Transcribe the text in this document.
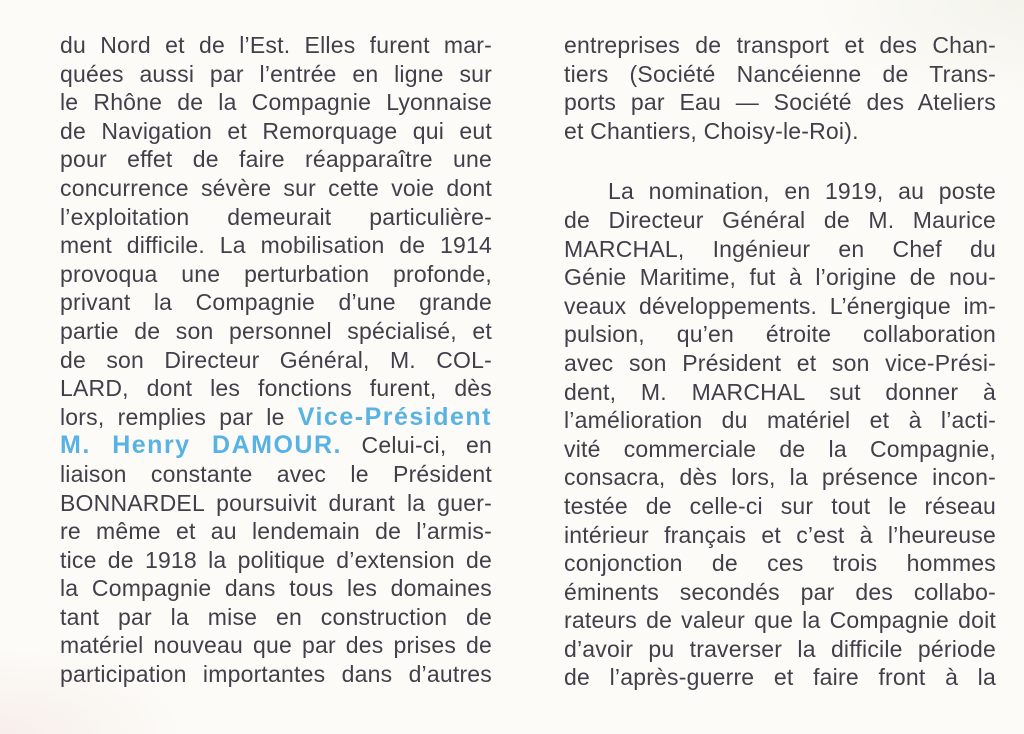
du Nord et de l’Est. Elles furent mar-
quées aussi par l’entrée en ligne sur
le Rhône de la Compagnie Lyonnaise
de Navigation et Remorquage qui eut
pour effet de faire réapparaître une
concurrence sévère sur cette voie dont
l’exploitation demeurait particulière-
ment difficile. La mobilisation de 1914
provoqua une perturbation profonde,
privant la Compagnie d’une grande
partie de son personnel spécialisé, et
de son Directeur Général, M. COL-
LARD, dont les fonctions furent, dès
lors, remplies par le Vice-Président
M. Henry DAMOUR. Celui-ci, en
liaison constante avec le Président
BONNARDEL poursuivit durant la guer-
re même et au lendemain de l’armis-
tice de 1918 la politique d’extension de
la Compagnie dans tous les domaines
tant par la mise en construction de
matériel nouveau que par des prises de
participation importantes dans d’autres
entreprises de transport et des Chan-
tiers (Société Nancéienne de Trans-
ports par Eau — Société des Ateliers
et Chantiers, Choisy-le-Roi).
La nomination, en 1919, au poste
de Directeur Général de M. Maurice
MARCHAL, Ingénieur en Chef du
Génie Maritime, fut à l’origine de nou-
veaux développements. L’énergique im-
pulsion, qu’en étroite collaboration
avec son Président et son vice-Prési-
dent, M. MARCHAL sut donner à
l’amélioration du matériel et à l’acti-
vité commerciale de la Compagnie,
consacra, dès lors, la présence incon-
testée de celle-ci sur tout le réseau
intérieur français et c’est à l’heureuse
conjonction de ces trois hommes
éminents secondés par des collabo-
rateurs de valeur que la Compagnie doit
d’avoir pu traverser la difficile période
de l’après-guerre et faire front à la
